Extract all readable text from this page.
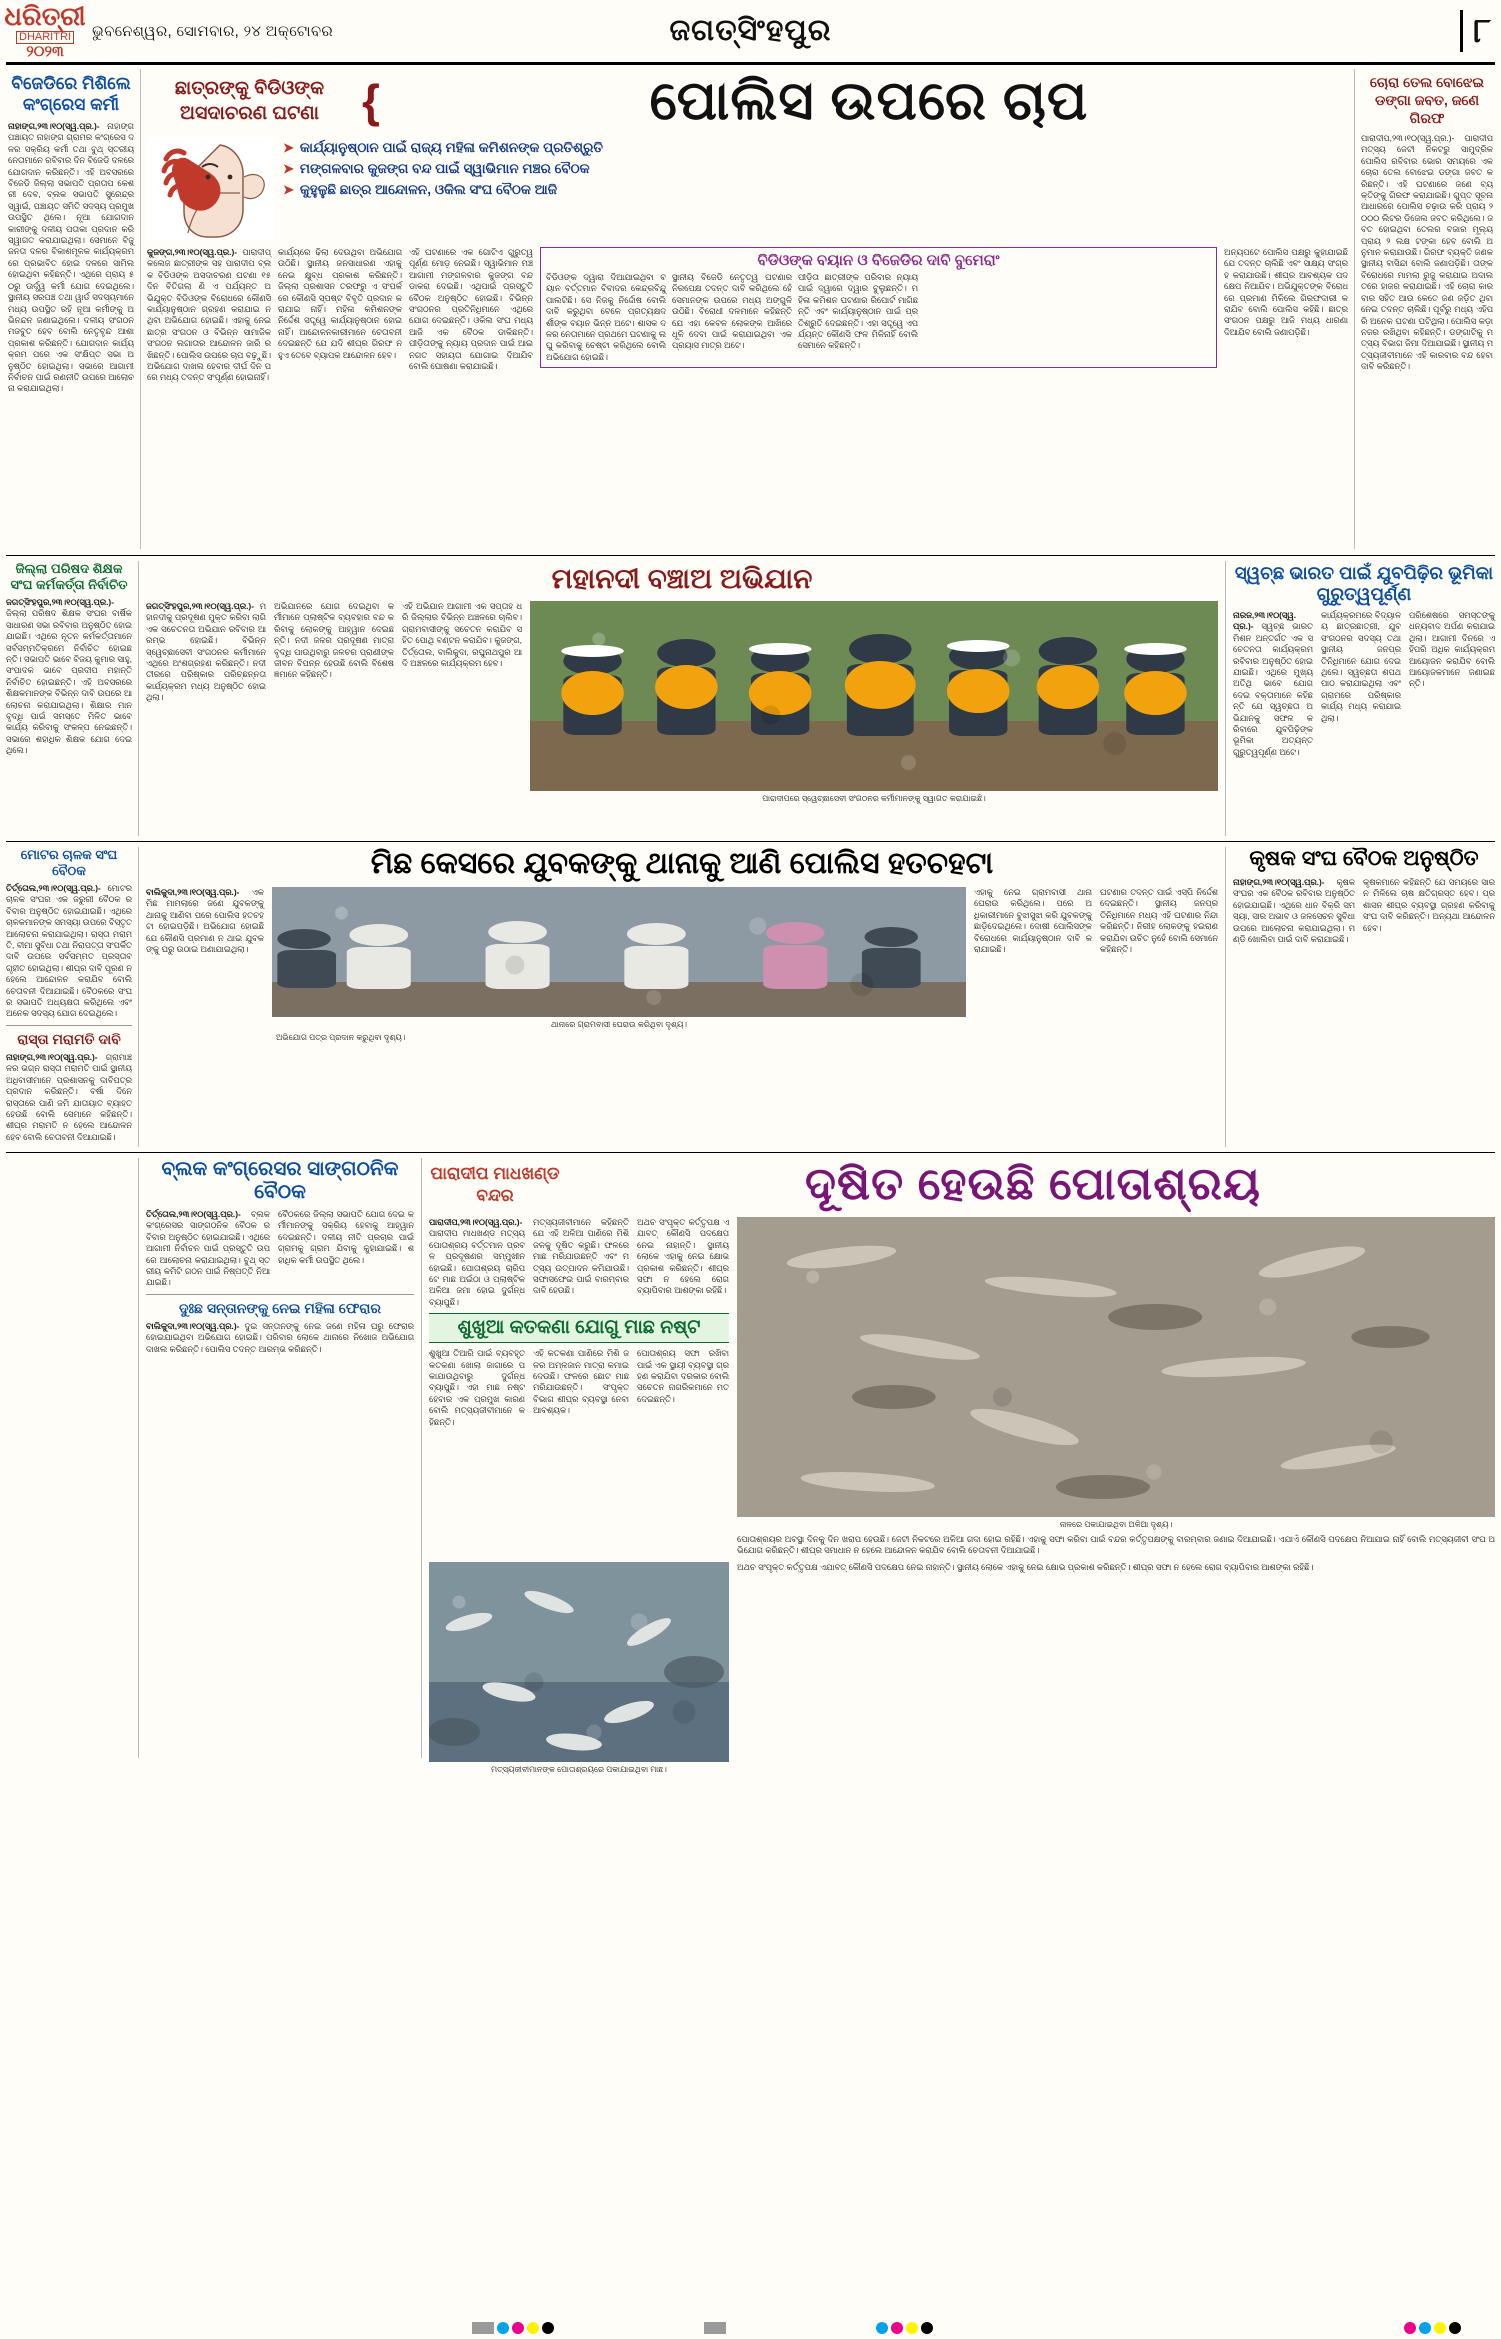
ଧରିତ୍ରୀ
DHARITRI
୨୦୨୩
ଭୁବନେଶ୍ୱର, ସୋମବାର, ୨୪ ଅକ୍ଟୋବର	ଜଗତ୍‌ସିଂହପୁର	୮
ବିଜେଡିରେ ମିଶିଲେ କଂଗ୍ରେସ କର୍ମୀ
ନାହାଙ୍ଗ,୨୩।୧୦(ସ୍ୱ.ପ୍ର.)- ନାହାଙ୍ଗ ପଞ୍ଚାୟତ ନାହାଙ୍ଗ ଗ୍ରାମର କଂଗ୍ରେସ ଦଳର ସକ୍ରିୟ କର୍ମୀ ତଥା ବୁଥ୍‌ ସ୍ତରୀୟ ନେତାମାନେ ରବିବାର ଦିନ ବିଜେଡି ଦଳରେ ଯୋଗଦାନ କରିଛନ୍ତି। ଏହି ଅବସରରେ ବିଜେଡି ଜିଲ୍ଲା ସଭାପତି ପ୍ରତାପ କେଶରୀ ଦେବ, ବ୍ଲକ ସଭାପତି ସୁରେନ୍ଦ୍ର ସ୍ୱାଇଁ, ପଞ୍ଚାୟତ ସମିତି ସଦସ୍ୟ ପ୍ରମୁଖ ଉପସ୍ଥିତ ଥିଲେ। ନୂଆ ଯୋଗଦାନକାରୀଙ୍କୁ ଦଳୀୟ ପତାକା ପ୍ରଦାନ କରି ସ୍ୱାଗତ କରାଯାଇଥିଲା। ସେମାନେ ବିଜୁ ଜନତା ଦଳର ବିକାଶମୂଳକ କାର୍ଯ୍ୟକ୍ରମରେ ପ୍ରଭାବିତ ହୋଇ ଦଳରେ ସାମିଲ ହୋଇଥିବା କହିଛନ୍ତି। ଏଥିରେ ପ୍ରାୟ ୫୦ରୁ ଊର୍ଦ୍ଧ୍ୱ କର୍ମୀ ଯୋଗ ଦେଇଥିଲେ। ସ୍ଥାନୀୟ ସରପଞ୍ଚ ତଥା ୱାର୍ଡ ସଦସ୍ୟମାନେ ମଧ୍ୟ ଉପସ୍ଥିତ ରହି ନୂଆ କର୍ମୀଙ୍କୁ ଅଭିନନ୍ଦନ ଜଣାଇଥିଲେ। ଦଳୀୟ ସଂଗଠନ ମଜବୁତ ହେବ ବୋଲି ନେତୃବୃନ୍ଦ ଆଶା ପ୍ରକାଶ କରିଛନ୍ତି। ଯୋଗଦାନ କାର୍ଯ୍ୟକ୍ରମ ପରେ ଏକ ସଂକ୍ଷିପ୍ତ ସଭା ଅନୁଷ୍ଠିତ ହୋଇଥିଲା। ସଭାରେ ଆଗାମୀ ନିର୍ବାଚନ ପାଇଁ ରଣନୀତି ଉପରେ ଆଲୋଚନା କରାଯାଇଥିଲା।
ଛାତ୍ରଙ୍କୁ ବିଡିଓଙ୍କ ଅସଦାଚରଣ ଘଟଣା {	ପୋଲିସ ଉପରେ ଚାପ
➤ କାର୍ଯ୍ୟାନୁଷ୍ଠାନ ପାଇଁ ରାଜ୍ୟ ମହିଳା କମିଶନଙ୍କ ପ୍ରତିଶ୍ରୁତି
➤ ମଙ୍ଗଳବାର କୁଜଙ୍ଗ ବନ୍ଦ ପାଇଁ ସ୍ୱାଭିମାନ ମଞ୍ଚର ବୈଠକ
➤ କୁହୁଳୁଛି ଛାତ୍ର ଆନ୍ଦୋଳନ, ଓକିଲ ସଂଘ ବୈଠକ ଆଜି
କୁଜଙ୍ଗ,୨୩।୧୦(ସ୍ୱ.ପ୍ର.)- ପାରାଦୀପ୍‌ କଲେଜ ଛାତ୍ରୀଙ୍କ ସହ ପାରାଦୀପ ବ୍ଲକ ବିଡିଓଙ୍କ ଅସଦାଚରଣ ଘଟଣା ୧୫ ଦିନ ବିତିଗଲା ଣି ଏ ପର୍ଯ୍ୟନ୍ତ ଅଭିଯୁକ୍ତ ବିଡିଓଙ୍କ ବିରୋଧରେ କୌଣସି କାର୍ଯ୍ୟାନୁଷ୍ଠାନ ଗ୍ରହଣ କରାଯାଇ ନ ଥିବା ଅଭିଯୋଗ ହୋଇଛି। ଏହାକୁ ନେଇ ଛାତ୍ର ସଂଗଠନ ଓ ବିଭିନ୍ନ ସାମାଜିକ ସଂଗଠନ ଲଗାତାର ଆନ୍ଦୋଳନ ଜାରି ରଖିଛନ୍ତି। ପୋଲିସ ଉପରେ ଚାପ ବଢ଼ୁଛି। ଅଭିଯୋଗ ଦାଖଲ ହେବାର ଦୀର୍ଘ ଦିନ ପରେ ମଧ୍ୟ ତଦନ୍ତ ସଂପୂର୍ଣ୍ଣ ହୋଇନାହିଁ।
କାର୍ଯ୍ୟରେ ଢିଲା ଦେଉଥିବା ଅଭିଯୋଗ ଉଠିଛି। ସ୍ଥାନୀୟ ଜନସାଧାରଣ ଏହାକୁ ନେଇ କ୍ଷୁବ୍ଧ ପ୍ରକାଶ କରିଛନ୍ତି। ଜିଲ୍ଲା ପ୍ରଶାସନ ତରଫରୁ ଏ ସଂପର୍କରେ କୌଣସି ସ୍ପଷ୍ଟ ବିବୃତି ପ୍ରଦାନ କରାଯାଇ ନାହିଁ। ମହିଳା କମିଶନଙ୍କ ନିର୍ଦ୍ଦେଶ ସତ୍ତ୍ୱେ କାର୍ଯ୍ୟାନୁଷ୍ଠାନ ହୋଇନାହିଁ। ଆନ୍ଦୋଳନକାରୀମାନେ ଚେତାବନୀ ଦେଇଛନ୍ତି ଯେ ଯଦି ଶୀଘ୍ର ଗିରଫ ନ ହୁଏ ତେବେ ବ୍ୟାପକ ଆନ୍ଦୋଳନ ହେବ।
ଏହି ଘଟଣାରେ ଏକ ଗୋଟିଏ ଗୁରୁତ୍ୱପୂର୍ଣ୍ଣ ମୋଡ଼ ନେଇଛି। ସ୍ୱାଭିମାନ ମଞ୍ଚ ଆଗାମୀ ମଙ୍ଗଳବାର କୁଜଙ୍ଗ ବନ୍ଦ ଡାକରା ଦେଇଛି। ଏଥିପାଇଁ ପ୍ରସ୍ତୁତି ବୈଠକ ଅନୁଷ୍ଠିତ ହୋଇଛି। ବିଭିନ୍ନ ସଂଗଠନର ପ୍ରତିନିଧିମାନେ ଏଥିରେ ଯୋଗ ଦେଇଛନ୍ତି। ଓକିଲ ସଂଘ ମଧ୍ୟ ଆଜି ଏକ ବୈଠକ ଡାକିଛନ୍ତି। ପୀଡ଼ିତାଙ୍କୁ ନ୍ୟାୟ ପ୍ରଦାନ ପାଇଁ ଆଇନଗତ ସହାୟତା ଯୋଗାଇ ଦିଆଯିବ ବୋଲି ଘୋଷଣା କରାଯାଇଛି।
ବିଡିଓଙ୍କ ବୟାନ ଓ ବିଜେଡିର ଦାବି ବୁମେରାଂ
ବିଡିଓଙ୍କ ଦ୍ୱାରା ଦିଆଯାଇଥିବା ବୟାନ ବର୍ତ୍ତମାନ ବିବାଦର କେନ୍ଦ୍ରବିନ୍ଦୁ ପାଲଟିଛି। ସେ ନିଜକୁ ନିର୍ଦ୍ଦୋଷ ବୋଲି ଦାବି କରୁଥିବା ବେଳେ ପ୍ରତ୍ୟକ୍ଷଦର୍ଶୀଙ୍କ ବୟାନ ଭିନ୍ନ ଅଟେ। ଶାସକ ଦଳର ନେତାମାନେ ପ୍ରଥମେ ଘଟଣାକୁ ଲଘୁ କରିବାକୁ ଚେଷ୍ଟା କରିଥିଲେ ବୋଲି ଅଭିଯୋଗ ହୋଇଛି।
ସ୍ଥାନୀୟ ବିଜେଡି ନେତୃତ୍ୱ ଘଟଣାର ନିରପେକ୍ଷ ତଦନ୍ତ ଦାବି କରିଥିଲେ ହେଁ ସେମାନଙ୍କ ଉପରେ ମଧ୍ୟ ଅଙ୍ଗୁଳି ଉଠିଛି। ବିରୋଧୀ ଦଳମାନେ କହିଛନ୍ତି ଯେ ଏହା କେବଳ ଲୋକଙ୍କ ଆଖିରେ ଧୂଳି ଦେବା ପାଇଁ କରାଯାଇଥିବା ଏକ ପ୍ରୟାସ ମାତ୍ର ଅଟେ।
ପୀଡ଼ିତା ଛାତ୍ରୀଙ୍କ ପରିବାର ନ୍ୟାୟ ପାଇଁ ଦ୍ୱାରେ ଦ୍ୱାର ବୁଲୁଛନ୍ତି। ମହିଳା କମିଶନ ଘଟଣାର ରିପୋର୍ଟ ମାଗିଛନ୍ତି ଏବଂ କାର୍ଯ୍ୟାନୁଷ୍ଠାନ ପାଇଁ ପ୍ରତିଶ୍ରୁତି ଦେଇଛନ୍ତି। ଏହା ସତ୍ତ୍ୱେ ଏପର୍ଯ୍ୟନ୍ତ କୌଣସି ଫଳ ମିଳିନାହିଁ ବୋଲି ସେମାନେ କହିଛନ୍ତି।
ଅନ୍ୟପଟେ ପୋଲିସ ପକ୍ଷରୁ କୁହାଯାଇଛି ଯେ ତଦନ୍ତ ଚାଲିଛି ଏବଂ ସାକ୍ଷ୍ୟ ସଂଗ୍ରହ କରାଯାଉଛି। ଶୀଘ୍ର ଆବଶ୍ୟକ ପଦକ୍ଷେପ ନିଆଯିବ। ଅଭିଯୁକ୍ତଙ୍କ ବିରୋଧରେ ପ୍ରମାଣ ମିଳିଲେ ଗିରଫଦାରୀ କରାଯିବ ବୋଲି ପୋଲିସ କହିଛି। ଛାତ୍ର ସଂଗଠନ ପକ୍ଷରୁ ଆଜି ମଧ୍ୟ ଧାରଣା ଦିଆଯିବ ବୋଲି ଜଣାପଡ଼ିଛି।
ଚୋରା ତେଲ ବୋଝେଇ ଡଙ୍ଗା ଜବତ, ଜଣେ ଗିରଫ
ପାରାଦୀପ,୨୩।୧୦(ସ୍ୱ.ପ୍ର.)- ପାରାଦୀପ ମତ୍ସ୍ୟ ଜେଟୀ ନିକଟରୁ ସାମୁଦ୍ରିକ ପୋଲିସ ରବିବାର ଭୋର ସମୟରେ ଏକ ଚୋରା ତେଲ ବୋଝେଇ ଡଙ୍ଗା ଜବତ କରିଛନ୍ତି। ଏହି ଘଟଣାରେ ଜଣେ ବ୍ୟକ୍ତିଙ୍କୁ ଗିରଫ କରାଯାଇଛି। ଗୁପ୍ତ ସୂଚନା ଆଧାରରେ ପୋଲିସ ଚଢ଼ାଉ କରି ପ୍ରାୟ ୨୦୦୦ ଲିଟର ଡିଜେଲ ଜବତ କରିଥିଲେ। ଜବତ ହୋଇଥିବା ତେଲର ବଜାର ମୂଲ୍ୟ ପ୍ରାୟ ୨ ଲକ୍ଷ ଟଙ୍କା ହେବ ବୋଲି ଅନୁମାନ କରାଯାଉଛି। ଗିରଫ ବ୍ୟକ୍ତି ଜଣକ ସ୍ଥାନୀୟ ବାସିନ୍ଦା ବୋଲି ଜଣାପଡ଼ିଛି। ତାଙ୍କ ବିରୋଧରେ ମାମଲା ରୁଜୁ କରାଯାଇ ଅଦାଲତରେ ହାଜର କରାଯାଇଛି। ଏହି ଚୋରା କାରବାର ସହିତ ଆଉ କେତେ ଜଣ ଜଡ଼ିତ ଥିବା ନେଇ ତଦନ୍ତ ଚାଲିଛି। ପୂର୍ବରୁ ମଧ୍ୟ ଏହିପରି ଅନେକ ଘଟଣା ଘଟିଥିଲା। ପୋଲିସ କଡ଼ା ନଜର ରଖିଥିବା କହିଛନ୍ତି। ଡଙ୍ଗାଟିକୁ ମତ୍ସ୍ୟ ବିଭାଗ ଜିମା ଦିଆଯାଇଛି। ସ୍ଥାନୀୟ ମତ୍ସ୍ୟଜୀବୀମାନେ ଏହି କାରବାର ବନ୍ଦ ହେବା ଦାବି କରିଛନ୍ତି।
ଜିଲ୍ଲା ପରିଷଦ ଶିକ୍ଷକ ସଂଘ କର୍ମକର୍ତ୍ତା ନିର୍ବାଚିତ
ଜଗତ୍‌ସିଂହପୁର,୨୩।୧୦(ସ୍ୱ.ପ୍ର.)- ଜିଲ୍ଲା ପରିଷଦ ଶିକ୍ଷକ ସଂଘର ବାର୍ଷିକ ସାଧାରଣ ସଭା ରବିବାର ଅନୁଷ୍ଠିତ ହୋଇଯାଇଛି। ଏଥିରେ ନୂତନ କର୍ମକର୍ତ୍ତାମାନେ ସର୍ବସମ୍ମତିକ୍ରମେ ନିର୍ବାଚିତ ହୋଇଛନ୍ତି। ସଭାପତି ଭାବେ ବିଜୟ କୁମାର ସାହୁ, ସଂପାଦକ ଭାବେ ପ୍ରଦୀପ ମହାନ୍ତି ନିର୍ବାଚିତ ହୋଇଛନ୍ତି। ଏହି ଅବସରରେ ଶିକ୍ଷକମାନଙ୍କ ବିଭିନ୍ନ ଦାବି ଉପରେ ଆଲୋଚନା କରାଯାଇଥିଲା। ଶିକ୍ଷାର ମାନ ବୃଦ୍ଧି ପାଇଁ ସମସ୍ତେ ମିଳିତ ଭାବେ କାର୍ଯ୍ୟ କରିବାକୁ ସଂକଳ୍ପ ନେଇଛନ୍ତି। ସଭାରେ ଶହାଧିକ ଶିକ୍ଷକ ଯୋଗ ଦେଇଥିଲେ।
ମହାନଦୀ ବଞ୍ଚାଅ ଅଭିଯାନ
ଜଗତ୍‌ସିଂହପୁର,୨୩।୧୦(ସ୍ୱ.ପ୍ର.)- ମହାନଦୀକୁ ପ୍ରଦୂଷଣ ମୁକ୍ତ କରିବା ଲାଗି ଏକ ସଚେତନତା ଅଭିଯାନ ରବିବାର ଆରମ୍ଭ ହୋଇଛି। ବିଭିନ୍ନ ସ୍ୱେଚ୍ଛାସେବୀ ସଂଗଠନର କର୍ମୀମାନେ ଏଥିରେ ଅଂଶଗ୍ରହଣ କରିଛନ୍ତି। ନଦୀ ତୀରରେ ପରିଷ୍କାର ପରିଚ୍ଛନ୍ନତା କାର୍ଯ୍ୟକ୍ରମ ମଧ୍ୟ ଅନୁଷ୍ଠିତ ହୋଇଥିଲା।
ଅଭିଯାନରେ ଯୋଗ ଦେଇଥିବା କର୍ମୀମାନେ ପ୍ଲାଷ୍ଟିକ ବ୍ୟବହାର ବନ୍ଦ କରିବାକୁ ଲୋକଙ୍କୁ ଆହ୍ୱାନ ଦେଇଛନ୍ତି। ନଦୀ ଜଳର ପ୍ରଦୂଷଣ ମାତ୍ରା ବୃଦ୍ଧି ପାଉଥିବାରୁ ଜଳଚର ପ୍ରାଣୀଙ୍କ ଜୀବନ ବିପନ୍ନ ହେଉଛି ବୋଲି ବିଶେଷଜ୍ଞମାନେ କହିଛନ୍ତି।
ଏହି ଅଭିଯାନ ଆଗାମୀ ଏକ ସପ୍ତାହ ଧରି ଜିଲ୍ଲାର ବିଭିନ୍ନ ଅଞ୍ଚଳରେ ଚାଲିବ। ଗ୍ରାମବାସୀଙ୍କୁ ସଚେତନ କରାଯିବ ସହିତ ପୋଥି ବଣ୍ଟନ କରାଯିବ। କୁଜଙ୍ଗ, ତିର୍ତ୍ତୋଲ, ବାଲିକୁଦା, ରଘୁନାଥପୁର ଆଦି ଅଞ୍ଚଳରେ କାର୍ଯ୍ୟକ୍ରମ ହେବ।
ପାରାଦୀପରେ ସ୍ୱେଚ୍ଛାସେବୀ ସଂଗଠନର କର୍ମୀମାନଙ୍କୁ ସ୍ୱାଗତ କରାଯାଇଛି।
ସ୍ୱଚ୍ଛ ଭାରତ ପାଇଁ ଯୁବପିଢ଼ିର ଭୂମିକା ଗୁରୁତ୍ୱପୂର୍ଣ୍ଣ
ନାରଜ,୨୩।୧୦(ସ୍ୱ.ପ୍ର.)- ସ୍ୱଚ୍ଛ ଭାରତ ମିଶନ ଅନ୍ତର୍ଗତ ଏକ ସଚେତନତା କାର୍ଯ୍ୟକ୍ରମ ରବିବାର ଅନୁଷ୍ଠିତ ହୋଇଯାଇଛି। ଏଥିରେ ମୁଖ୍ୟ ଅତିଥି ଭାବେ ଯୋଗ ଦେଇ ବକ୍ତାମାନେ କହିଛନ୍ତି ଯେ ସ୍ୱଚ୍ଛତା ଅଭିଯାନକୁ ସଫଳ କରିବାରେ ଯୁବପିଢ଼ିଙ୍କ ଭୂମିକା ଅତ୍ୟନ୍ତ ଗୁରୁତ୍ୱପୂର୍ଣ୍ଣ ଅଟେ।
କାର୍ଯ୍ୟକ୍ରମରେ ବିଦ୍ୟାଳୟ ଛାତ୍ରଛାତ୍ରୀ, ଯୁବ ସଂଗଠନର ସଦସ୍ୟ ତଥା ସ୍ଥାନୀୟ ଜନପ୍ରତିନିଧିମାନେ ଯୋଗ ଦେଇଥିଲେ। ସ୍ୱଚ୍ଛତା ଶପଥ ପାଠ କରାଯାଇଥିଲା ଏବଂ ଗ୍ରାମରେ ପରିଷ୍କାର କାର୍ଯ୍ୟ ମଧ୍ୟ କରାଯାଇଥିଲା।
ପରିଶେଷରେ ସମସ୍ତଙ୍କୁ ଧନ୍ୟବାଦ ଅର୍ପଣ କରାଯାଇଥିଲା। ଆଗାମୀ ଦିନରେ ଏହିପରି ଅଧିକ କାର୍ଯ୍ୟକ୍ରମ ଆୟୋଜନ କରାଯିବ ବୋଲି ଆୟୋଜକମାନେ ଜଣାଇଛନ୍ତି।
ମୋଟର ଚାଳକ ସଂଘ ବୈଠକ
ତିର୍ତ୍ତୋଲ,୨୩।୧୦(ସ୍ୱ.ପ୍ର.)- ମୋଟର ଚାଳକ ସଂଘର ଏକ ଜରୁରୀ ବୈଠକ ରବିବାର ଅନୁଷ୍ଠିତ ହୋଇଯାଇଛି। ଏଥିରେ ଚାଳକମାନଙ୍କ ସମସ୍ୟା ଉପରେ ବିସ୍ତୃତ ଆଲୋଚନା କରାଯାଇଥିଲା। ରାସ୍ତା ମରାମତି, ବୀମା ସୁବିଧା ତଥା ନିରାପତ୍ତା ସଂପର୍କିତ ଦାବି ଉପରେ ସର୍ବସମ୍ମତ ପ୍ରସ୍ତାବ ଗୃହୀତ ହୋଇଥିଲା। ଶୀଘ୍ର ଦାବି ପୂରଣ ନ ହେଲେ ଆନ୍ଦୋଳନ କରାଯିବ ବୋଲି ଚେତାବନୀ ଦିଆଯାଇଛି। ବୈଠକରେ ସଂଘର ସଭାପତି ଅଧ୍ୟକ୍ଷତା କରିଥିଲେ ଏବଂ ଅନେକ ସଦସ୍ୟ ଯୋଗ ଦେଇଥିଲେ।
ରାସ୍ତା ମରାମତି ଦାବି
ନାହାଙ୍ଗ,୨୩।୧୦(ସ୍ୱ.ପ୍ର.)- ଗ୍ରାମାଞ୍ଚଳର ଭଗ୍ନ ରାସ୍ତା ମରାମତି ପାଇଁ ସ୍ଥାନୀୟ ଅଧିବାସୀମାନେ ପ୍ରଶାସନକୁ ଦାବିପତ୍ର ପ୍ରଦାନ କରିଛନ୍ତି। ବର୍ଷା ଦିନେ ରାସ୍ତାରେ ପାଣି ଜମି ଯାତାୟାତ ବ୍ୟାହତ ହେଉଛି ବୋଲି ସେମାନେ କହିଛନ୍ତି। ଶୀଘ୍ର ମରାମତି ନ ହେଲେ ଆନ୍ଦୋଳନ ହେବ ବୋଲି ଚେତାବନୀ ଦିଆଯାଇଛି।
ମିଛ କେସରେ ଯୁବକଙ୍କୁ ଥାନାକୁ ଆଣି ପୋଲିସ ହତଚହଟା
ବାଲିକୁଦା,୨୩।୧୦(ସ୍ୱ.ପ୍ର.)- ଏକ ମିଛ ମାମଲାରେ ଜଣେ ଯୁବକଙ୍କୁ ଥାନାକୁ ଆଣିବା ପରେ ପୋଲିସ ହତଚହଟା ହୋଇପଡ଼ିଛି। ଅଭିଯୋଗ ହୋଇଛି ଯେ କୌଣସି ପ୍ରମାଣ ନ ଥାଇ ଯୁବକଙ୍କୁ ଘରୁ ଉଠାଇ ଅଣାଯାଇଥିଲା।
ଥାନାରେ ଗ୍ରାମବାସୀ ଘେରାଉ କରିଥିବା ଦୃଶ୍ୟ।
ଏହାକୁ ନେଇ ଗ୍ରାମବାସୀ ଥାନା ଘେରାଉ କରିଥିଲେ। ପରେ ଅଧିକାରୀମାନେ ବୁଝାସୁଝା କରି ଯୁବକଙ୍କୁ ଛାଡ଼ିଦେଇଥିଲେ। ଦୋଷୀ ପୋଲିସଙ୍କ ବିରୋଧରେ କାର୍ଯ୍ୟାନୁଷ୍ଠାନ ଦାବି କରାଯାଇଛି।
ଘଟଣାର ତଦନ୍ତ ପାଇଁ ଏସ୍‌ପି ନିର୍ଦ୍ଦେଶ ଦେଇଛନ୍ତି। ସ୍ଥାନୀୟ ଜନପ୍ରତିନିଧିମାନେ ମଧ୍ୟ ଏହି ଘଟଣାର ନିନ୍ଦା କରିଛନ୍ତି। ନିରୀହ ଲୋକଙ୍କୁ ହଇରାଣ କରାଯିବା ଉଚିତ ନୁହେଁ ବୋଲି ସେମାନେ କହିଛନ୍ତି।
ଅଭିଯୋଗ ପତ୍ର ପ୍ରଦାନ କରୁଥିବା ଦୃଶ୍ୟ।
କୃଷକ ସଂଘ ବୈଠକ ଅନୁଷ୍ଠିତ
ନାହାଙ୍ଗ,୨୩।୧୦(ସ୍ୱ.ପ୍ର.)- କୃଷକ ସଂଘର ଏକ ବୈଠକ ରବିବାର ଅନୁଷ୍ଠିତ ହୋଇଯାଇଛି। ଏଥିରେ ଧାନ ବିକ୍ରି ସମସ୍ୟା, ସାର ଅଭାବ ଓ ଜଳସେଚନ ସୁବିଧା ଉପରେ ଆଲୋଚନା କରାଯାଇଥିଲା। ମଣ୍ଡି ଖୋଲିବା ପାଇଁ ଦାବି କରାଯାଇଛି।
କୃଷକମାନେ କହିଛନ୍ତି ଯେ ସମୟରେ ସାର ନ ମିଳିଲେ ଚାଷ କ୍ଷତିଗ୍ରସ୍ତ ହେବ। ପ୍ରଶାସନ ଶୀଘ୍ର ବ୍ୟବସ୍ଥା ଗ୍ରହଣ କରିବାକୁ ସଂଘ ଦାବି କରିଛନ୍ତି। ଅନ୍ୟଥା ଆନ୍ଦୋଳନ ହେବ।
ବ୍ଲକ କଂଗ୍ରେସର ସାଙ୍ଗଠନିକ ବୈଠକ
ତିର୍ତ୍ତୋଲ,୨୩।୧୦(ସ୍ୱ.ପ୍ର.)- ବ୍ଲକ କଂଗ୍ରେସର ସାଙ୍ଗଠନିକ ବୈଠକ ରବିବାର ଅନୁଷ୍ଠିତ ହୋଇଯାଇଛି। ଏଥିରେ ଆଗାମୀ ନିର୍ବାଚନ ପାଇଁ ପ୍ରସ୍ତୁତି ଉପରେ ଆଲୋଚନା କରାଯାଇଥିଲା। ବୁଥ୍‌ ସ୍ତରୀୟ କମିଟି ଗଠନ ପାଇଁ ନିଷ୍ପତ୍ତି ନିଆଯାଇଛି।
ବୈଠକରେ ଜିଲ୍ଲା ସଭାପତି ଯୋଗ ଦେଇ କର୍ମୀମାନଙ୍କୁ ସକ୍ରିୟ ହେବାକୁ ଆହ୍ୱାନ ଦେଇଛନ୍ତି। ଦଳୀୟ ନୀତି ପ୍ରଚାର ପାଇଁ ଗ୍ରାମକୁ ଗ୍ରାମ ଯିବାକୁ କୁହାଯାଇଛି। ଶହାଧିକ କର୍ମୀ ଉପସ୍ଥିତ ଥିଲେ।
ଦୁଃଛ ସନ୍ତାନଙ୍କୁ ନେଇ ମହିଳା ଫେରାର
ବାଲିକୁଦା,୨୩।୧୦(ସ୍ୱ.ପ୍ର.)- ଦୁଇ ସନ୍ତାନଙ୍କୁ ନେଇ ଜଣେ ମହିଳା ଘରୁ ଫେରାର ହୋଇଯାଇଥିବା ଅଭିଯୋଗ ହୋଇଛି। ପରିବାର ଲୋକେ ଥାନାରେ ନିଖୋଜ ଅଭିଯୋଗ ଦାଖଲ କରିଛନ୍ତି। ପୋଲିସ ତଦନ୍ତ ଆରମ୍ଭ କରିଛନ୍ତି।
ପାରାଦୀପ ମାଧଖଣ୍ଡ ବନ୍ଦର	ଦୂଷିତ ହେଉଛି ପୋତାଶ୍ରୟ
ପାରାଦୀପ,୨୩।୧୦(ସ୍ୱ.ପ୍ର.)- ପାରାଦୀପ ମାଧଖଣ୍ଡ ମତ୍ସ୍ୟ ପୋତାଶ୍ରୟ ବର୍ତ୍ତମାନ ପ୍ରବଳ ପ୍ରଦୂଷଣର ସମ୍ମୁଖୀନ ହୋଇଛି। ପୋତାଶ୍ରୟ ଚାରିପଟେ ମାଛ ଅଇଁଠା ଓ ପ୍ଲାଷ୍ଟିକ ଅଳିଆ ଜମା ହୋଇ ଦୁର୍ଗନ୍ଧ ବ୍ୟାପୁଛି।
ମତ୍ସ୍ୟଜୀବୀମାନେ କହିଛନ୍ତି ଯେ ଏହି ଅଳିଆ ପାଣିରେ ମିଶି ଜଳକୁ ଦୂଷିତ କରୁଛି। ଫଳରେ ମାଛ ମରିଯାଉଛନ୍ତି ଏବଂ ମତ୍ସ୍ୟ ଉତ୍ପାଦନ କମିଯାଉଛି। ସଫାସଫେଇ ପାଇଁ ବାରମ୍ବାର ଦାବି ହେଉଛି।
ଅଥଚ ସଂପୃକ୍ତ କର୍ତ୍ତୃପକ୍ଷ ଏଯାବତ୍‌ କୌଣସି ପଦକ୍ଷେପ ନେଇ ନାହାନ୍ତି। ସ୍ଥାନୀୟ ଲୋକେ ଏହାକୁ ନେଇ କ୍ଷୋଭ ପ୍ରକାଶ କରିଛନ୍ତି। ଶୀଘ୍ର ସଫା ନ ହେଲେ ରୋଗ ବ୍ୟାପିବାର ଆଶଙ୍କା ରହିଛି।
ଶୁଖୁଆ କତକଣା ଯୋଗୁ ମାଛ ନଷ୍ଟ
ଶୁଖୁଆ ତିଆରି ପାଇଁ ବ୍ୟବହୃତ କତକଣା ଖୋଲା ଜାଗାରେ ପକାଯାଉଥିବାରୁ ଦୁର୍ଗନ୍ଧ ବ୍ୟାପୁଛି। ଏହା ମାଛ ନଷ୍ଟ ହେବାର ଏକ ପ୍ରମୁଖ କାରଣ ବୋଲି ମତ୍ସ୍ୟଜୀବୀମାନେ କହିଛନ୍ତି।
ଏହି କତକଣା ପାଣିରେ ମିଶି ଜଳର ଅମ୍ଳଜାନ ମାତ୍ରା କମାଇ ଦେଉଛି। ଫଳରେ ଛୋଟ ମାଛ ମରିଯାଉଛନ୍ତି। ସଂପୃକ୍ତ ବିଭାଗ ଶୀଘ୍ର ବ୍ୟବସ୍ଥା ନେବା ଆବଶ୍ୟକ।
ପୋତାଶ୍ରୟ ସଫା ରଖିବା ପାଇଁ ଏକ ସ୍ଥାୟୀ ବ୍ୟବସ୍ଥା ଗ୍ରହଣ କରାଯିବା ଦରକାର ବୋଲି ସଚେତନ ନାଗରିକମାନେ ମତ ଦେଇଛନ୍ତି।
ନାଳରେ ପକାଯାଇଥିବା ଅଳିଆ ଦୃଶ୍ୟ।
ପୋତାଶ୍ରୟର ଅବସ୍ଥା ଦିନକୁ ଦିନ ଖରାପ ହେଉଛି। ଜେଟୀ ନିକଟରେ ଅଳିଆ ଗଦା ହୋଇ ରହିଛି। ଏହାକୁ ସଫା କରିବା ପାଇଁ ବନ୍ଦର କର୍ତ୍ତୃପକ୍ଷଙ୍କୁ ବାରମ୍ବାର ଜଣାଇ ଦିଆଯାଇଛି। ଏଯାଏଁ କୌଣସି ପଦକ୍ଷେପ ନିଆଯାଇ ନାହିଁ ବୋଲି ମତ୍ସ୍ୟଜୀବୀ ସଂଘ ଅଭିଯୋଗ କରିଛନ୍ତି। ଶୀଘ୍ର ସମାଧାନ ନ ହେଲେ ଆନ୍ଦୋଳନ କରାଯିବ ବୋଲି ଚେତାବନୀ ଦିଆଯାଇଛି।
ମତ୍ସ୍ୟଜୀବୀମାନଙ୍କ ପୋତାଶ୍ରୟରେ ପକାଯାଇଥିବା ମାଛ।
ଅଥଚ ସଂପୃକ୍ତ କର୍ତ୍ତୃପକ୍ଷ ଏଯାବତ୍‌ କୌଣସି ପଦକ୍ଷେପ ନେଇ ନାହାନ୍ତି। ସ୍ଥାନୀୟ ଲୋକେ ଏହାକୁ ନେଇ କ୍ଷୋଭ ପ୍ରକାଶ କରିଛନ୍ତି। ଶୀଘ୍ର ସଫା ନ ହେଲେ ରୋଗ ବ୍ୟାପିବାର ଆଶଙ୍କା ରହିଛି।
